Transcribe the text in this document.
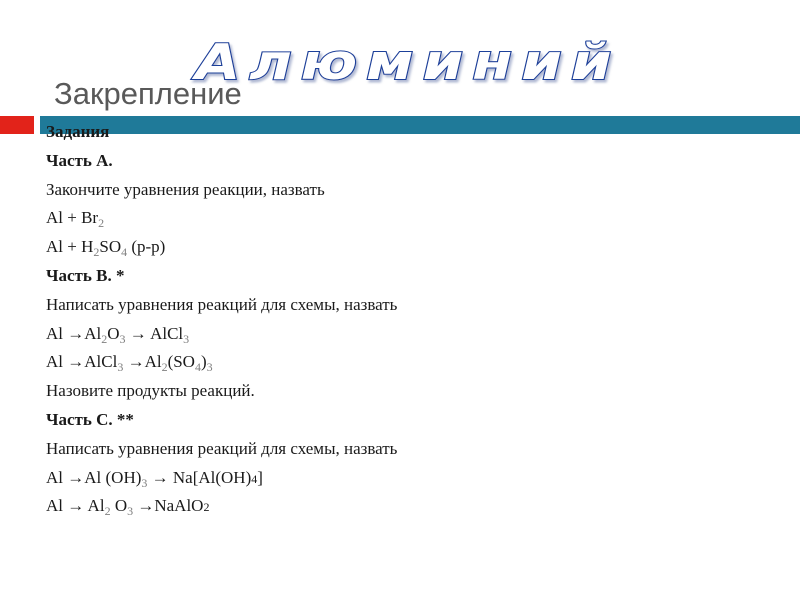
Алюминий
Закрепление
Задания
Часть А.
Закончите уравнения реакции, назвать
$Al + Br_2$
$Al + H_2SO_4$ (p-p)
Часть В. *
Написать уравнения реакций для схемы, назвать
$Al \to Al_2O_3$ → AlCl$_3$
Al →AlCl$_3$ $\to Al_2(SO_4)_3$
Назовите продукты реакций.
Часть С. **
Написать уравнения реакций для схемы, назвать
Al →Al $(OH)_3 \to Na[Al(OH)4]$
$Al \to Al_2$ $O_3$ →NaAlO2
